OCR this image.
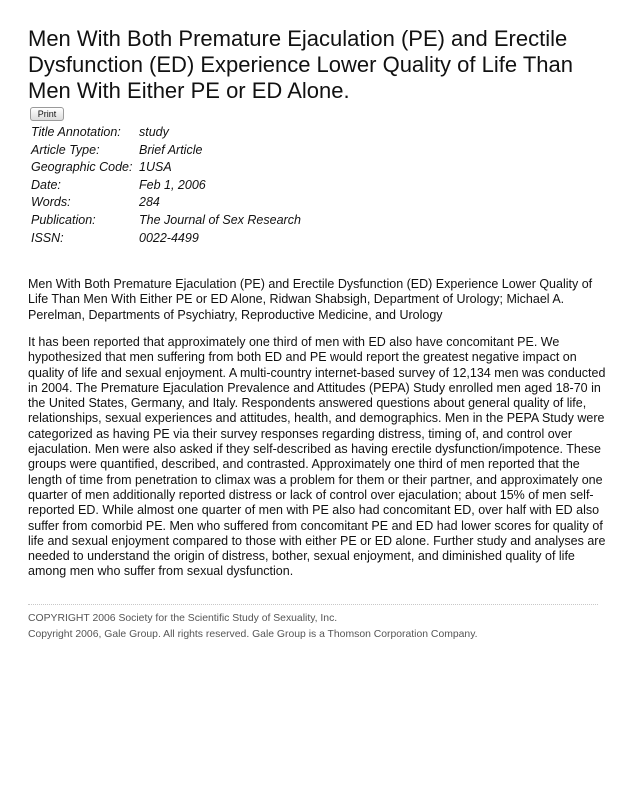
Men With Both Premature Ejaculation (PE) and Erectile Dysfunction (ED) Experience Lower Quality of Life Than Men With Either PE or ED Alone.
Print
Title Annotation:	study
Article Type:	Brief Article
Geographic Code:	1USA
Date:	Feb 1, 2006
Words:	284
Publication:	The Journal of Sex Research
ISSN:	0022-4499

Men With Both Premature Ejaculation (PE) and Erectile Dysfunction (ED) Experience Lower Quality of Life Than Men With Either PE or ED Alone, Ridwan Shabsigh, Department of Urology; Michael A. Perelman, Departments of Psychiatry, Reproductive Medicine, and Urology

It has been reported that approximately one third of men with ED also have concomitant PE. We hypothesized that men suffering from both ED and PE would report the greatest negative impact on quality of life and sexual enjoyment. A multi-country internet-based survey of 12,134 men was conducted in 2004. The Premature Ejaculation Prevalence and Attitudes (PEPA) Study enrolled men aged 18-70 in the United States, Germany, and Italy. Respondents answered questions about general quality of life, relationships, sexual experiences and attitudes, health, and demographics. Men in the PEPA Study were categorized as having PE via their survey responses regarding distress, timing of, and control over ejaculation. Men were also asked if they self-described as having erectile dysfunction/impotence. These groups were quantified, described, and contrasted. Approximately one third of men reported that the length of time from penetration to climax was a problem for them or their partner, and approximately one quarter of men additionally reported distress or lack of control over ejaculation; about 15% of men self-reported ED. While almost one quarter of men with PE also had concomitant ED, over half with ED also suffer from comorbid PE. Men who suffered from concomitant PE and ED had lower scores for quality of life and sexual enjoyment compared to those with either PE or ED alone. Further study and analyses are needed to understand the origin of distress, bother, sexual enjoyment, and diminished quality of life among men who suffer from sexual dysfunction.

COPYRIGHT 2006 Society for the Scientific Study of Sexuality, Inc.

Copyright 2006, Gale Group. All rights reserved. Gale Group is a Thomson Corporation Company.
